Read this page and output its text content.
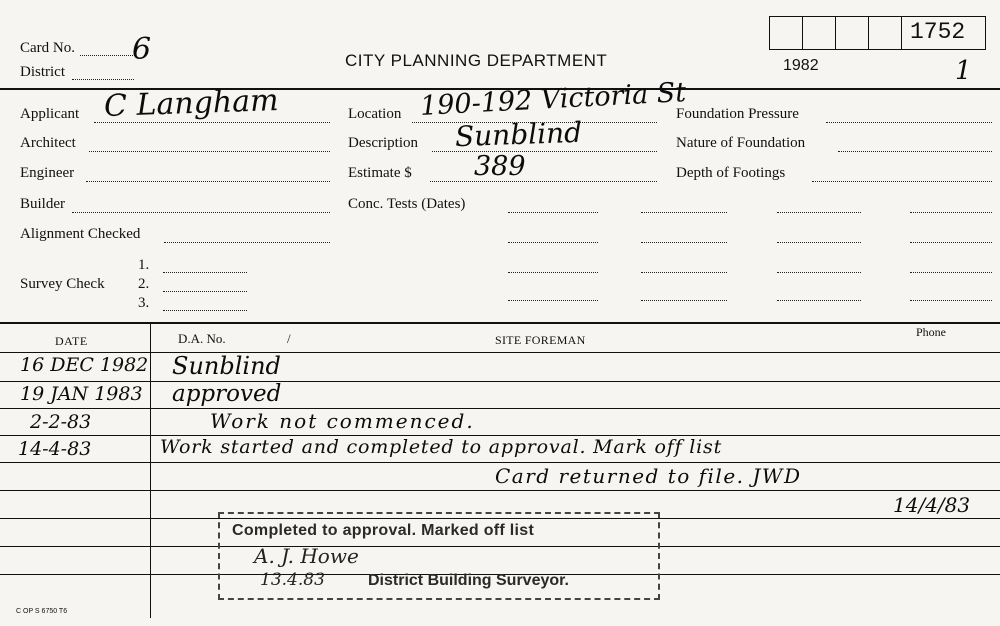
Card No. 6
District
CITY PLANNING DEPARTMENT
1752
1982	1
Applicant C Langham
Architect
Engineer
Builder
Alignment Checked
Survey Check
1.
2.
3.
Location 190-192 Victoria St
Description Sunblind
Estimate $ 389
Conc. Tests (Dates)
Foundation Pressure
Nature of Foundation
Depth of Footings
DATE	D.A. No.	/	SITE FOREMAN
Phone
16 DEC 1982 Sunblind
19 JAN 1983 approved
2-2-83	Work not commenced.
14-4-83	Work started and completed to approval. Mark off list
Card returned to file. JWD
14/4/83
Completed to approval. Marked off list
A. J. Howe
13.4.83	District Building Surveyor.
C OP S 6750 T6
